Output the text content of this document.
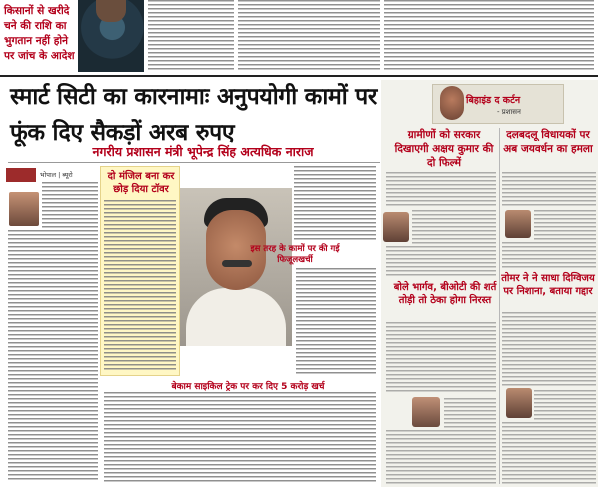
किसानों से खरीदे चने की राशि का भुगतान नहीं होने पर जांच के आदेश
स्मार्ट सिटी का कारनामाः अनुपयोगी कामों पर फूंक दिए सैकड़ों अरब रुपए
नगरीय प्रशासन मंत्री भूपेन्द्र सिंह अत्यधिक नाराज
भोपाल | ब्यूरो	दो मंजिल बना कर छोड़ दिया टॉवर
इस तरह के कामों पर की गई फिजूलखर्ची
बेकाम साइकिल ट्रेक पर कर दिए 5 करोड़ खर्च
बिहाइंड द कर्टन
- प्रशासन
ग्रामीणों को सरकार दिखाएगी अक्षय कुमार की दो फिल्में
दलबदलू विधायकों पर अब जयवर्धन का हमला
बोले भार्गव, बीओटी की शर्त तोड़ी तो ठेका होगा निरस्त
तोमर ने ने साधा दिग्विजय पर निशाना, बताया गद्दार
